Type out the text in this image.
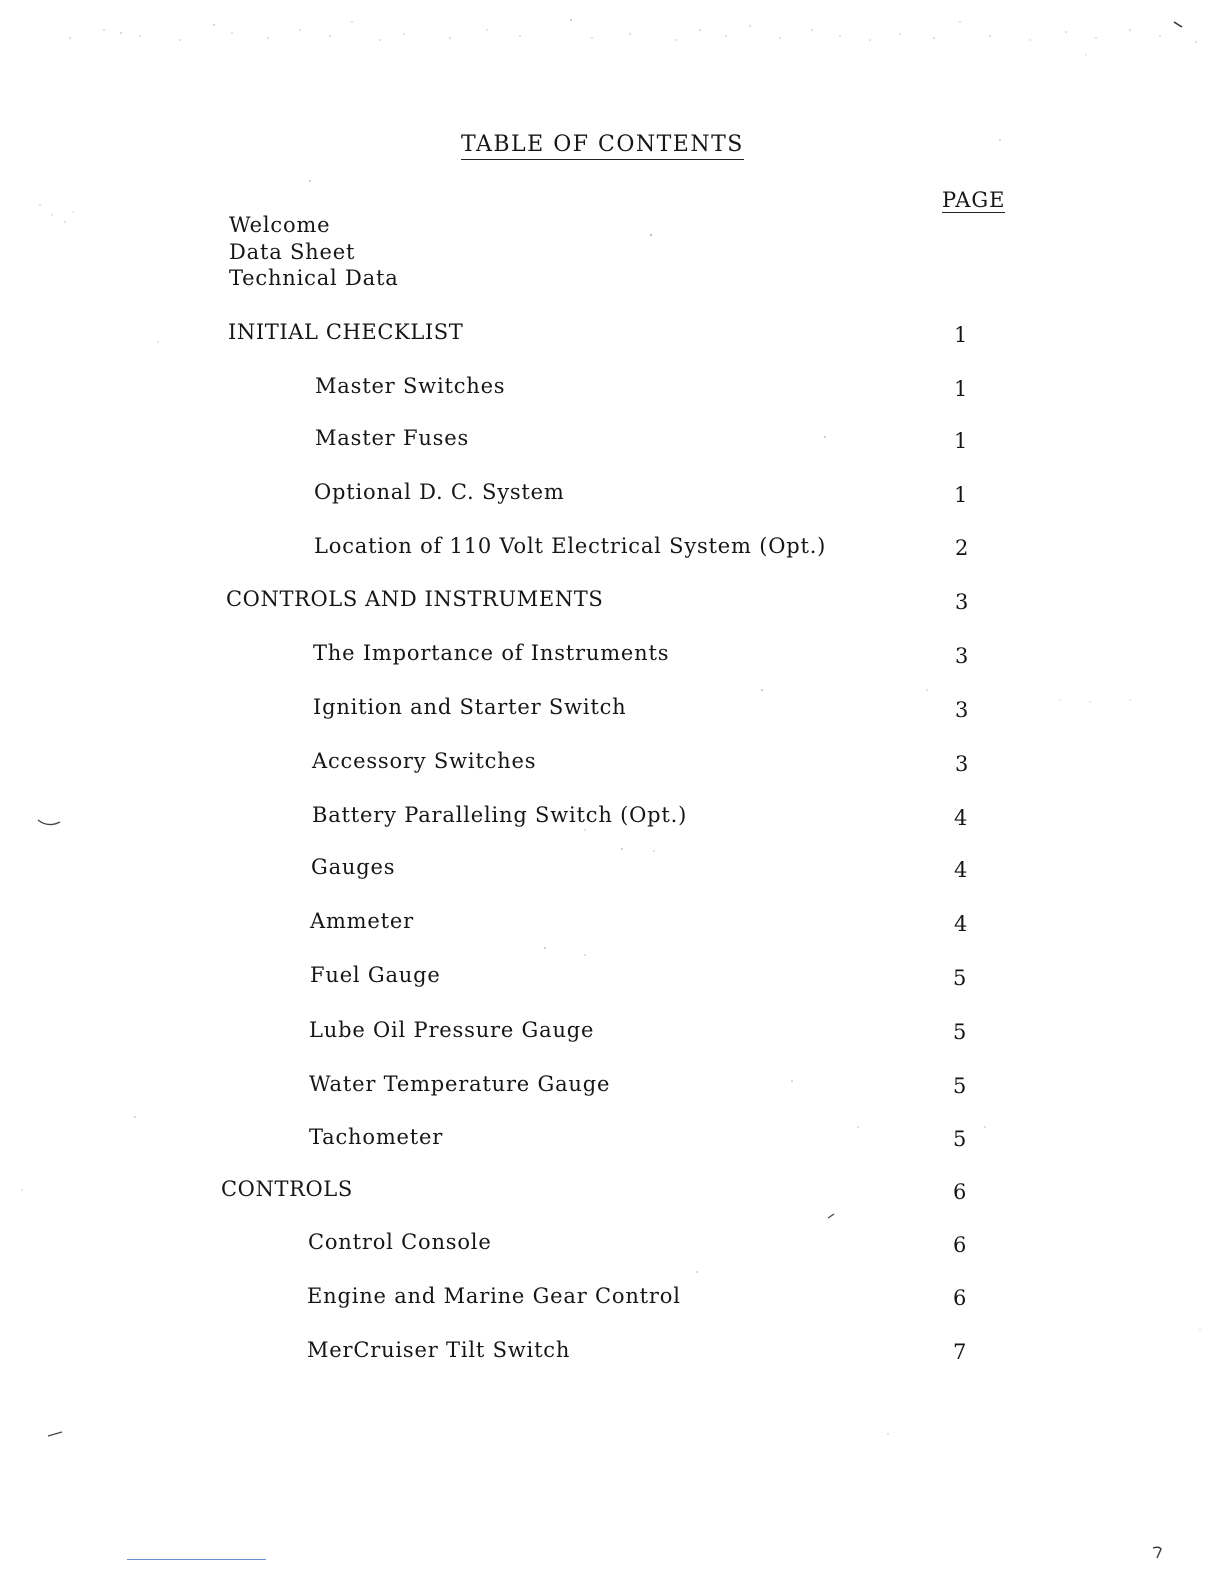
TABLE OF CONTENTS
PAGE
Welcome
Data Sheet
Technical Data
INITIAL CHECKLIST	1
Master Switches	1
Master Fuses	1
Optional D. C. System	1
Location of 110 Volt Electrical System (Opt.)	2
CONTROLS AND INSTRUMENTS	3
The Importance of Instruments	3
Ignition and Starter Switch	3
Accessory Switches	3
Battery Paralleling Switch (Opt.)	4
Gauges	4
Ammeter	4
Fuel Gauge	5
Lube Oil Pressure Gauge	5
Water Temperature Gauge	5
Tachometer	5
CONTROLS	6
Control Console	6
Engine and Marine Gear Control	6
MerCruiser Tilt Switch	7
